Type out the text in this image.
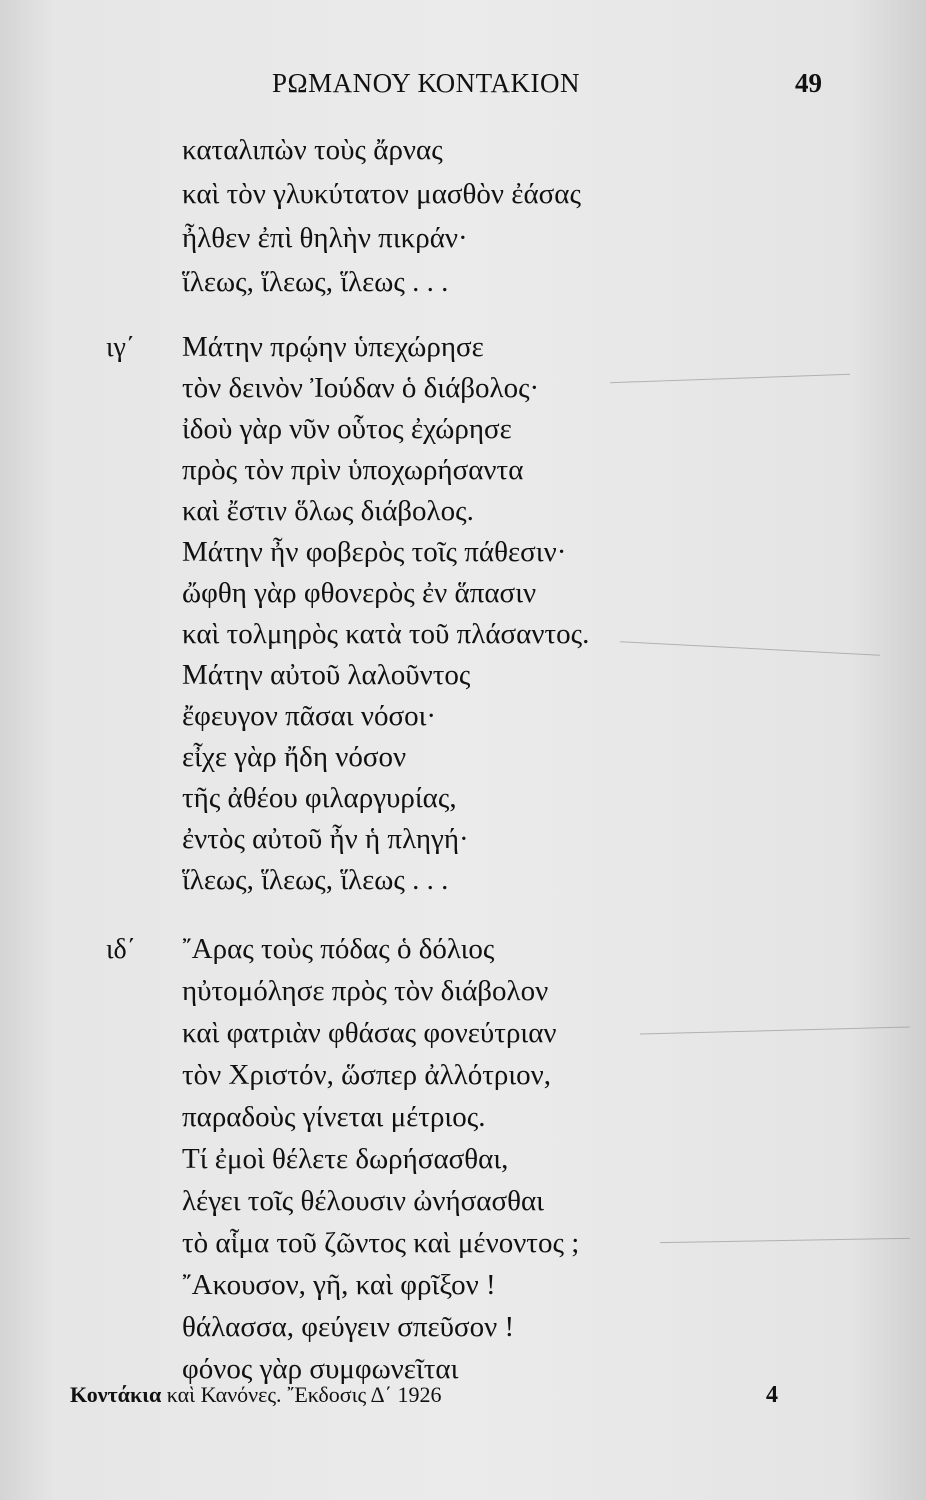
ΡΩΜΑΝΟΥ ΚΟΝΤΑΚΙΟΝ	49
καταλιπὼν τοὺς ἄρνας
καὶ τὸν γλυκύτατον μασθὸν ἐάσας
ἦλθεν ἐπὶ θηλὴν πικράν·
ἵλεως, ἵλεως, ἵλεως . . .
ιγ΄ Μάτην πρῴην ὑπεχώρησε
τὸν δεινὸν Ἰούδαν ὁ διάβολος·
ἰδοὺ γὰρ νῦν οὗτος ἐχώρησε
πρὸς τὸν πρὶν ὑποχωρήσαντα
καὶ ἔστιν ὅλως διάβολος.
Μάτην ἦν φοβερὸς τοῖς πάθεσιν·
ὤφθη γὰρ φθονερὸς ἐν ἅπασιν
καὶ τολμηρὸς κατὰ τοῦ πλάσαντος.
Μάτην αὐτοῦ λαλοῦντος
ἔφευγον πᾶσαι νόσοι·
εἶχε γὰρ ἤδη νόσον
τῆς ἀθέου φιλαργυρίας,
ἐντὸς αὐτοῦ ἦν ἡ πληγή·
ἵλεως, ἵλεως, ἵλεως . . .
ιδ΄ ῎Αρας τοὺς πόδας ὁ δόλιος
ηὐτομόλησε πρὸς τὸν διάβολον
καὶ φατριὰν φθάσας φονεύτριαν
τὸν Χριστόν, ὥσπερ ἀλλότριον,
παραδοὺς γίνεται μέτριος.
Τί ἐμοὶ θέλετε δωρήσασθαι,
λέγει τοῖς θέλουσιν ὠνήσασθαι
τὸ αἷμα τοῦ ζῶντος καὶ μένοντος ;
῎Ακουσον, γῆ, καὶ φρῖξον !
θάλασσα, φεύγειν σπεῦσον !
φόνος γὰρ συμφωνεῖται
Κοντάκια καὶ Κανόνες. ῎Εκδοσις Δ΄ 1926	4
